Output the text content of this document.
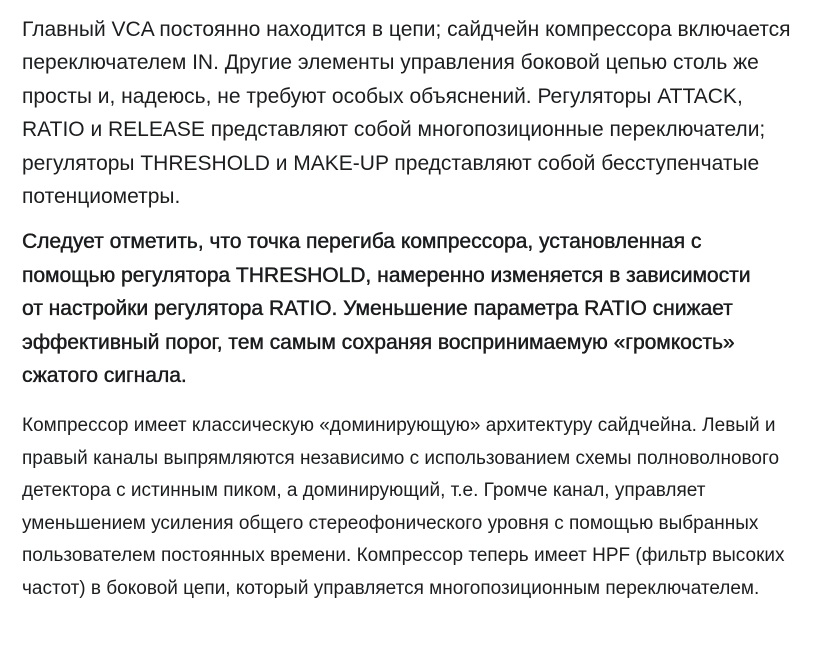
Главный VCA постоянно находится в цепи; сайдчейн компрессора включается
переключателем IN. Другие элементы управления боковой цепью столь же
просты и, надеюсь, не требуют особых объяснений. Регуляторы ATTACK,
RATIO и RELEASE представляют собой многопозиционные переключатели;
регуляторы THRESHOLD и MAKE-UP представляют собой бесступенчатые
потенциометры.

Следует отметить, что точка перегиба компрессора, установленная с
помощью регулятора THRESHOLD, намеренно изменяется в зависимости
от настройки регулятора RATIO. Уменьшение параметра RATIO снижает
эффективный порог, тем самым сохраняя воспринимаемую «громкость»
сжатого сигнала.

Компрессор имеет классическую «доминирующую» архитектуру сайдчейна. Левый и
правый каналы выпрямляются независимо с использованием схемы полноволнового
детектора с истинным пиком, а доминирующий, т.е. Громче канал, управляет
уменьшением усиления общего стереофонического уровня с помощью выбранных
пользователем постоянных времени. Компрессор теперь имеет HPF (фильтр высоких
частот) в боковой цепи, который управляется многопозиционным переключателем.
